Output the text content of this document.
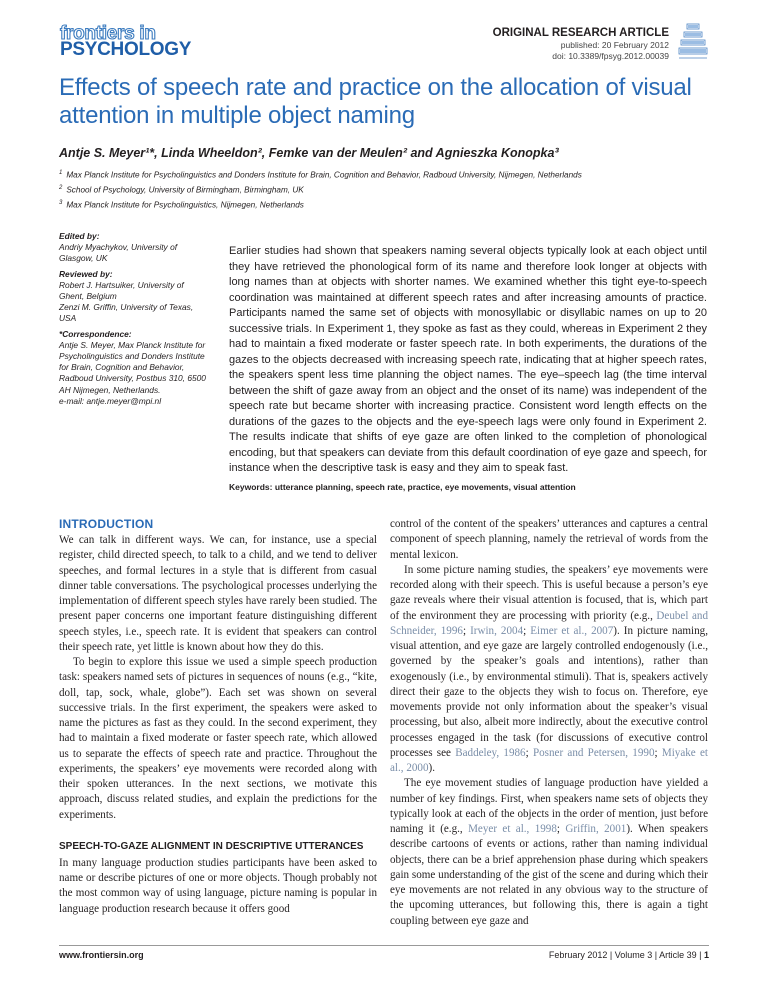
frontiers in
PSYCHOLOGY
ORIGINAL RESEARCH ARTICLE
published: 20 February 2012
doi: 10.3389/fpsyg.2012.00039
Effects of speech rate and practice on the allocation of visual attention in multiple object naming
Antje S. Meyer¹*, Linda Wheeldon², Femke van der Meulen² and Agnieszka Konopka³
$^1$ Max Planck Institute for Psycholinguistics and Donders Institute for Brain, Cognition and Behavior, Radboud University, Nijmegen, Netherlands
$^2$ School of Psychology, University of Birmingham, Birmingham, UK
$^3$ Max Planck Institute for Psycholinguistics, Nijmegen, Netherlands
Edited by:
Andriy Myachykov, University of Glasgow, UK
Reviewed by:
Robert J. Hartsuiker, University of Ghent, Belgium
Zenzi M. Griffin, University of Texas, USA
*Correspondence:
Antje S. Meyer, Max Planck Institute for Psycholinguistics and Donders Institute for Brain, Cognition and Behavior, Radboud University, Postbus 310, 6500 AH Nijmegen, Netherlands.
e-mail: antje.meyer@mpi.nl
Earlier studies had shown that speakers naming several objects typically look at each object until they have retrieved the phonological form of its name and therefore look longer at objects with long names than at objects with shorter names. We examined whether this tight eye-to-speech coordination was maintained at different speech rates and after increasing amounts of practice. Participants named the same set of objects with monosyllabic or disyllabic names on up to 20 successive trials. In Experiment 1, they spoke as fast as they could, whereas in Experiment 2 they had to maintain a fixed moderate or faster speech rate. In both experiments, the durations of the gazes to the objects decreased with increasing speech rate, indicating that at higher speech rates, the speakers spent less time planning the object names. The eye–speech lag (the time interval between the shift of gaze away from an object and the onset of its name) was independent of the speech rate but became shorter with increasing practice. Consistent word length effects on the durations of the gazes to the objects and the eye-speech lags were only found in Experiment 2. The results indicate that shifts of eye gaze are often linked to the completion of phonological encoding, but that speakers can deviate from this default coordination of eye gaze and speech, for instance when the descriptive task is easy and they aim to speak fast.
Keywords: utterance planning, speech rate, practice, eye movements, visual attention
INTRODUCTION

We can talk in different ways. We can, for instance, use a special register, child directed speech, to talk to a child, and we tend to deliver speeches, and formal lectures in a style that is different from casual dinner table conversations. The psychological processes underlying the implementation of different speech styles have rarely been studied. The present paper concerns one important feature distinguishing different speech styles, i.e., speech rate. It is evident that speakers can control their speech rate, yet little is known about how they do this.

To begin to explore this issue we used a simple speech production task: speakers named sets of pictures in sequences of nouns (e.g., “kite, doll, tap, sock, whale, globe”). Each set was shown on several successive trials. In the first experiment, the speakers were asked to name the pictures as fast as they could. In the second experiment, they had to maintain a fixed moderate or faster speech rate, which allowed us to separate the effects of speech rate and practice. Throughout the experiments, the speakers’ eye movements were recorded along with their spoken utterances. In the next sections, we motivate this approach, discuss related studies, and explain the predictions for the experiments.

SPEECH-TO-GAZE ALIGNMENT IN DESCRIPTIVE UTTERANCES

In many language production studies participants have been asked to name or describe pictures of one or more objects. Though probably not the most common way of using language, picture naming is popular in language production research because it offers good

control of the content of the speakers’ utterances and captures a central component of speech planning, namely the retrieval of words from the mental lexicon.

In some picture naming studies, the speakers’ eye movements were recorded along with their speech. This is useful because a person’s eye gaze reveals where their visual attention is focused, that is, which part of the environment they are processing with priority (e.g., Deubel and Schneider, 1996; Irwin, 2004; Eimer et al., 2007). In picture naming, visual attention, and eye gaze are largely controlled endogenously (i.e., governed by the speaker’s goals and intentions), rather than exogenously (i.e., by environmental stimuli). That is, speakers actively direct their gaze to the objects they wish to focus on. Therefore, eye movements provide not only information about the speaker’s visual processing, but also, albeit more indirectly, about the executive control processes engaged in the task (for discussions of executive control processes see Baddeley, 1986; Posner and Petersen, 1990; Miyake et al., 2000).

The eye movement studies of language production have yielded a number of key findings. First, when speakers name sets of objects they typically look at each of the objects in the order of mention, just before naming it (e.g., Meyer et al., 1998; Griffin, 2001). When speakers describe cartoons of events or actions, rather than naming individual objects, there can be a brief apprehension phase during which speakers gain some understanding of the gist of the scene and during which their eye movements are not related in any obvious way to the structure of the upcoming utterances, but following this, there is again a tight coupling between eye gaze and

www.frontiersin.org	February 2012 | Volume 3 | Article 39 | 1
